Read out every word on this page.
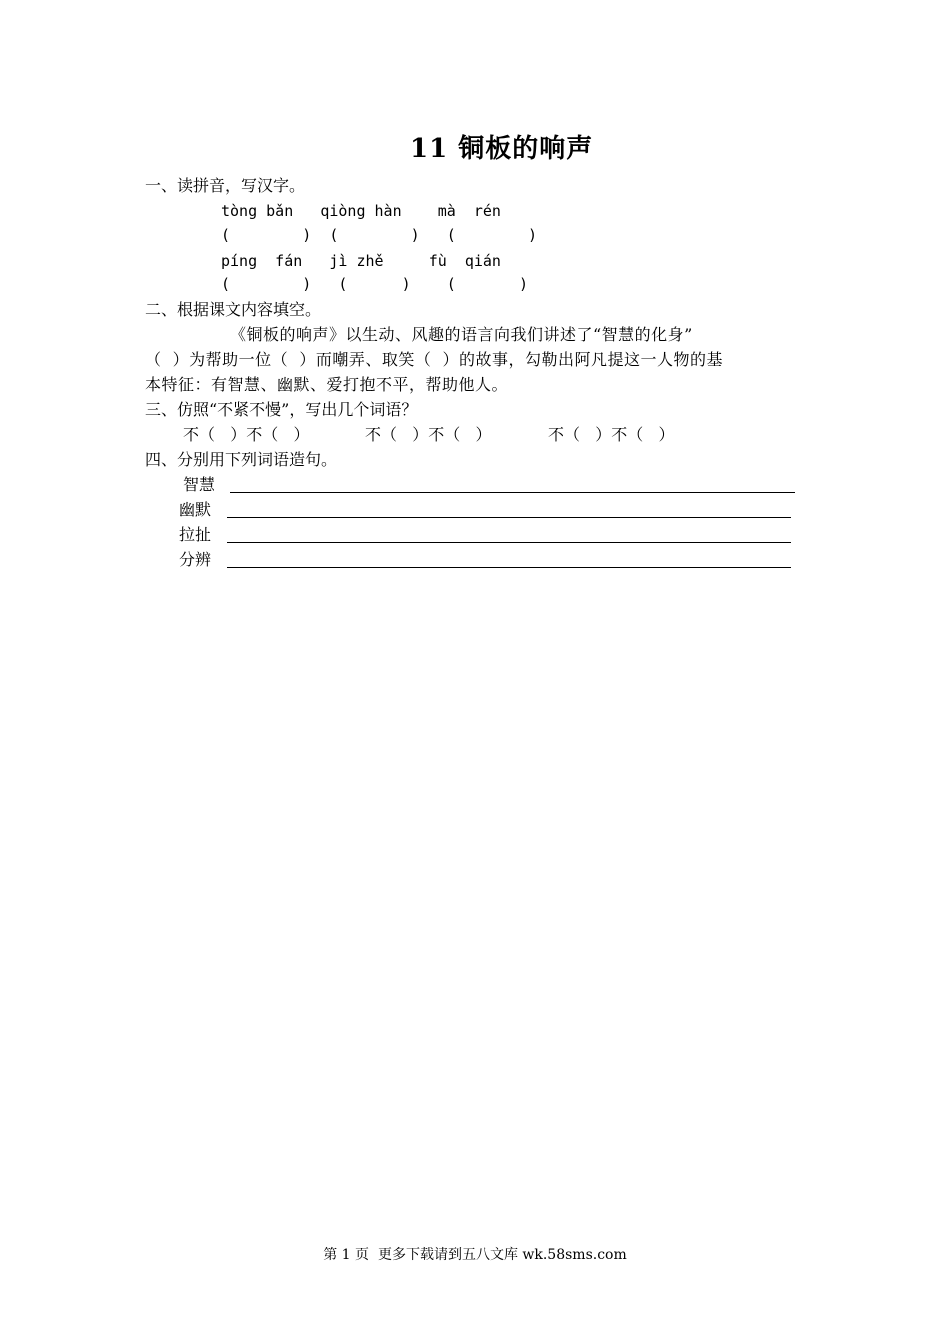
11 铜板的响声
一、读拼音，写汉字。
tòng bǎn   qiòng hàn    mà  rén
(        )  (        )   (        )
píng  fán   jì zhě     fù  qián
(        )   (      )    (       )
二、根据课文内容填空。
《铜板的响声》以生动、风趣的语言向我们讲述了“智慧的化身”
（  ）为帮助一位（  ）而嘲弄、取笑（  ）的故事，勾勒出阿凡提这一人物的基
本特征：有智慧、幽默、爱打抱不平，帮助他人。
三、仿照“不紧不慢”，写出几个词语？
不（   ）不（   ）	不（   ）不（   ）	不（   ）不（   ）
四、分别用下列词语造句。
智慧
幽默
拉扯
分辨
第 1 页  更多下载请到五八文库 wk.58sms.com
